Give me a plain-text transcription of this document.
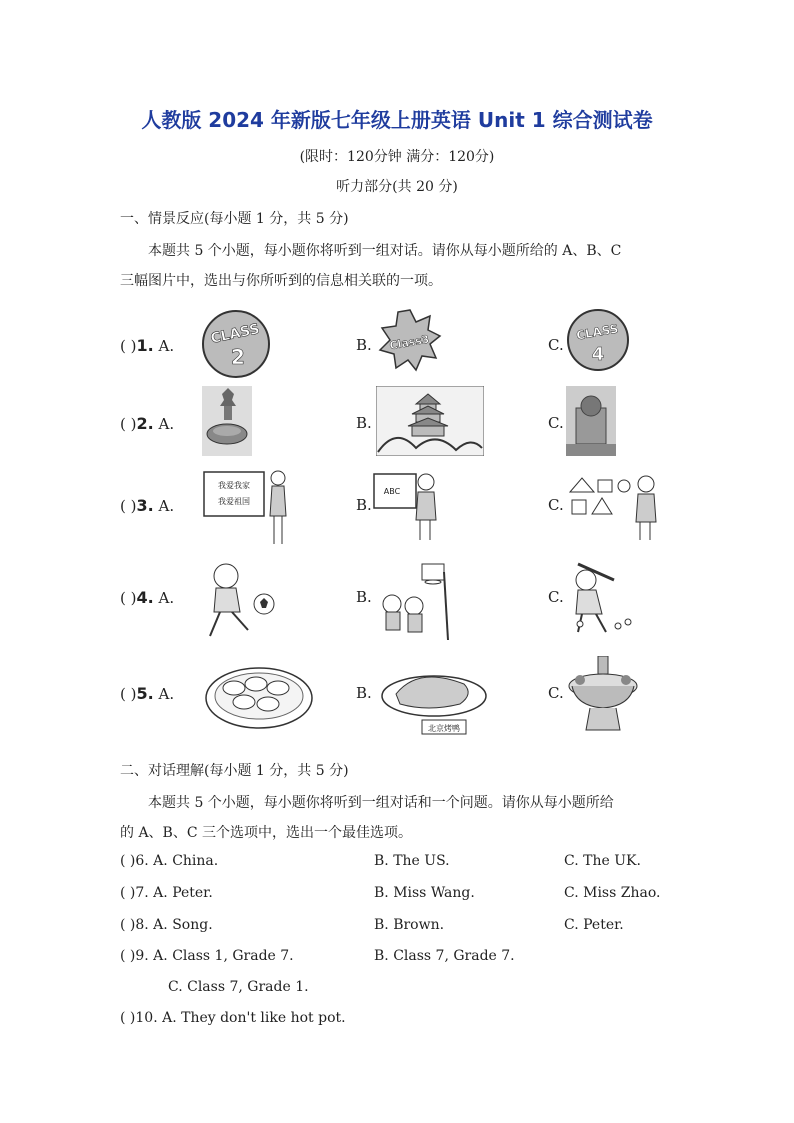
人教版 2024 年新版七年级上册英语 Unit 1 综合测试卷
(限时：120分钟 满分：120分)
听力部分(共 20 分)
一、情景反应(每小题 1 分，共 5 分)
本题共 5 个小题，每小题你将听到一组对话。请你从每小题所给的 A、B、C
三幅图片中，选出与你所听到的信息相关联的一项。
( )1. A.	CLASS
2	B. Class3	C.
CLASS
4
( )2. A.	B.	C.
( )3. A.
我爱我家
我爱祖国	B.
ABC
C.
( )4. A.	B.	C.
( )5. A.	B.
北京烤鸭
C.
二、对话理解(每小题 1 分，共 5 分)
本题共 5 个小题，每小题你将听到一组对话和一个问题。请你从每小题所给
的 A、B、C 三个选项中，选出一个最佳选项。
( )6. A. China.	B. The US.	C. The UK.
( )7. A. Peter.	B. Miss Wang.	C. Miss Zhao.
( )8. A. Song.	B. Brown.	C. Peter.
( )9. A. Class 1, Grade 7.	B. Class 7, Grade 7.
C. Class 7, Grade 1.
( )10. A. They don't like hot pot.
